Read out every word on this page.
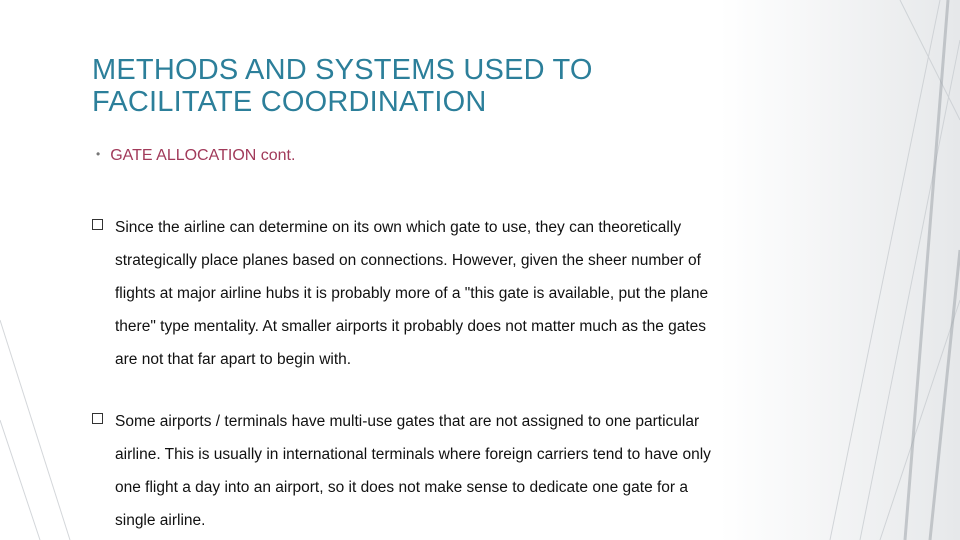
METHODS AND SYSTEMS USED TO
FACILITATE COORDINATION
• GATE ALLOCATION cont.
Since the airline can determine on its own which gate to use, they can theoretically
strategically place planes based on connections. However, given the sheer number of
flights at major airline hubs it is probably more of a "this gate is available, put the plane
there" type mentality. At smaller airports it probably does not matter much as the gates
are not that far apart to begin with.
Some airports / terminals have multi-use gates that are not assigned to one particular
airline. This is usually in international terminals where foreign carriers tend to have only
one flight a day into an airport, so it does not make sense to dedicate one gate for a
single airline.
